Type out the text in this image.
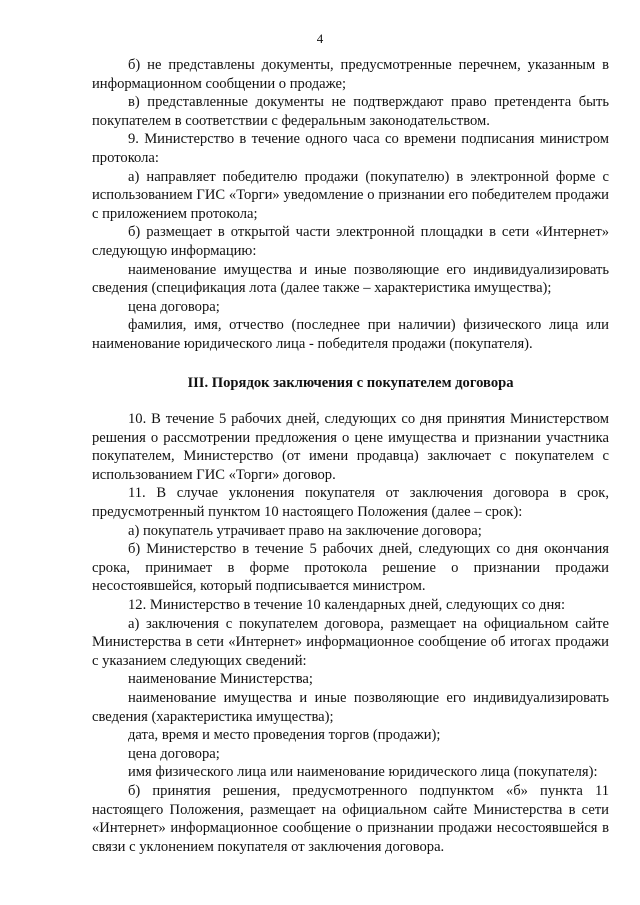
4

б) не представлены документы, предусмотренные перечнем, указанным в информационном сообщении о продаже;

в) представленные документы не подтверждают право претендента быть покупателем в соответствии с федеральным законодательством.

9. Министерство в течение одного часа со времени подписания министром протокола:

а) направляет победителю продажи (покупателю) в электронной форме с использованием ГИС «Торги» уведомление о признании его победителем продажи с приложением протокола;

б) размещает в открытой части электронной площадки в сети «Интернет» следующую информацию:

наименование имущества и иные позволяющие его индивидуализировать сведения (спецификация лота (далее также – характеристика имущества);

цена договора;

фамилия, имя, отчество (последнее при наличии) физического лица или наименование юридического лица - победителя продажи (покупателя).

III. Порядок заключения с покупателем договора

10. В течение 5 рабочих дней, следующих со дня принятия Министерством решения о рассмотрении предложения о цене имущества и признании участника покупателем, Министерство (от имени продавца) заключает с покупателем с использованием ГИС «Торги» договор.

11. В случае уклонения покупателя от заключения договора в срок, предусмотренный пунктом 10 настоящего Положения (далее – срок):

а) покупатель утрачивает право на заключение договора;

б) Министерство в течение 5 рабочих дней, следующих со дня окончания срока, принимает в форме протокола решение о признании продажи несостоявшейся, который подписывается министром.

12. Министерство в течение 10 календарных дней, следующих со дня:

а) заключения с покупателем договора, размещает на официальном сайте Министерства в сети «Интернет» информационное сообщение об итогах продажи с указанием следующих сведений:

наименование Министерства;

наименование имущества и иные позволяющие его индивидуализировать сведения (характеристика имущества);

дата, время и место проведения торгов (продажи);

цена договора;

имя физического лица или наименование юридического лица (покупателя):

б) принятия решения, предусмотренного подпунктом «б» пункта 11 настоящего Положения, размещает на официальном сайте Министерства в сети «Интернет» информационное сообщение о признании продажи несостоявшейся в связи с уклонением покупателя от заключения договора.
